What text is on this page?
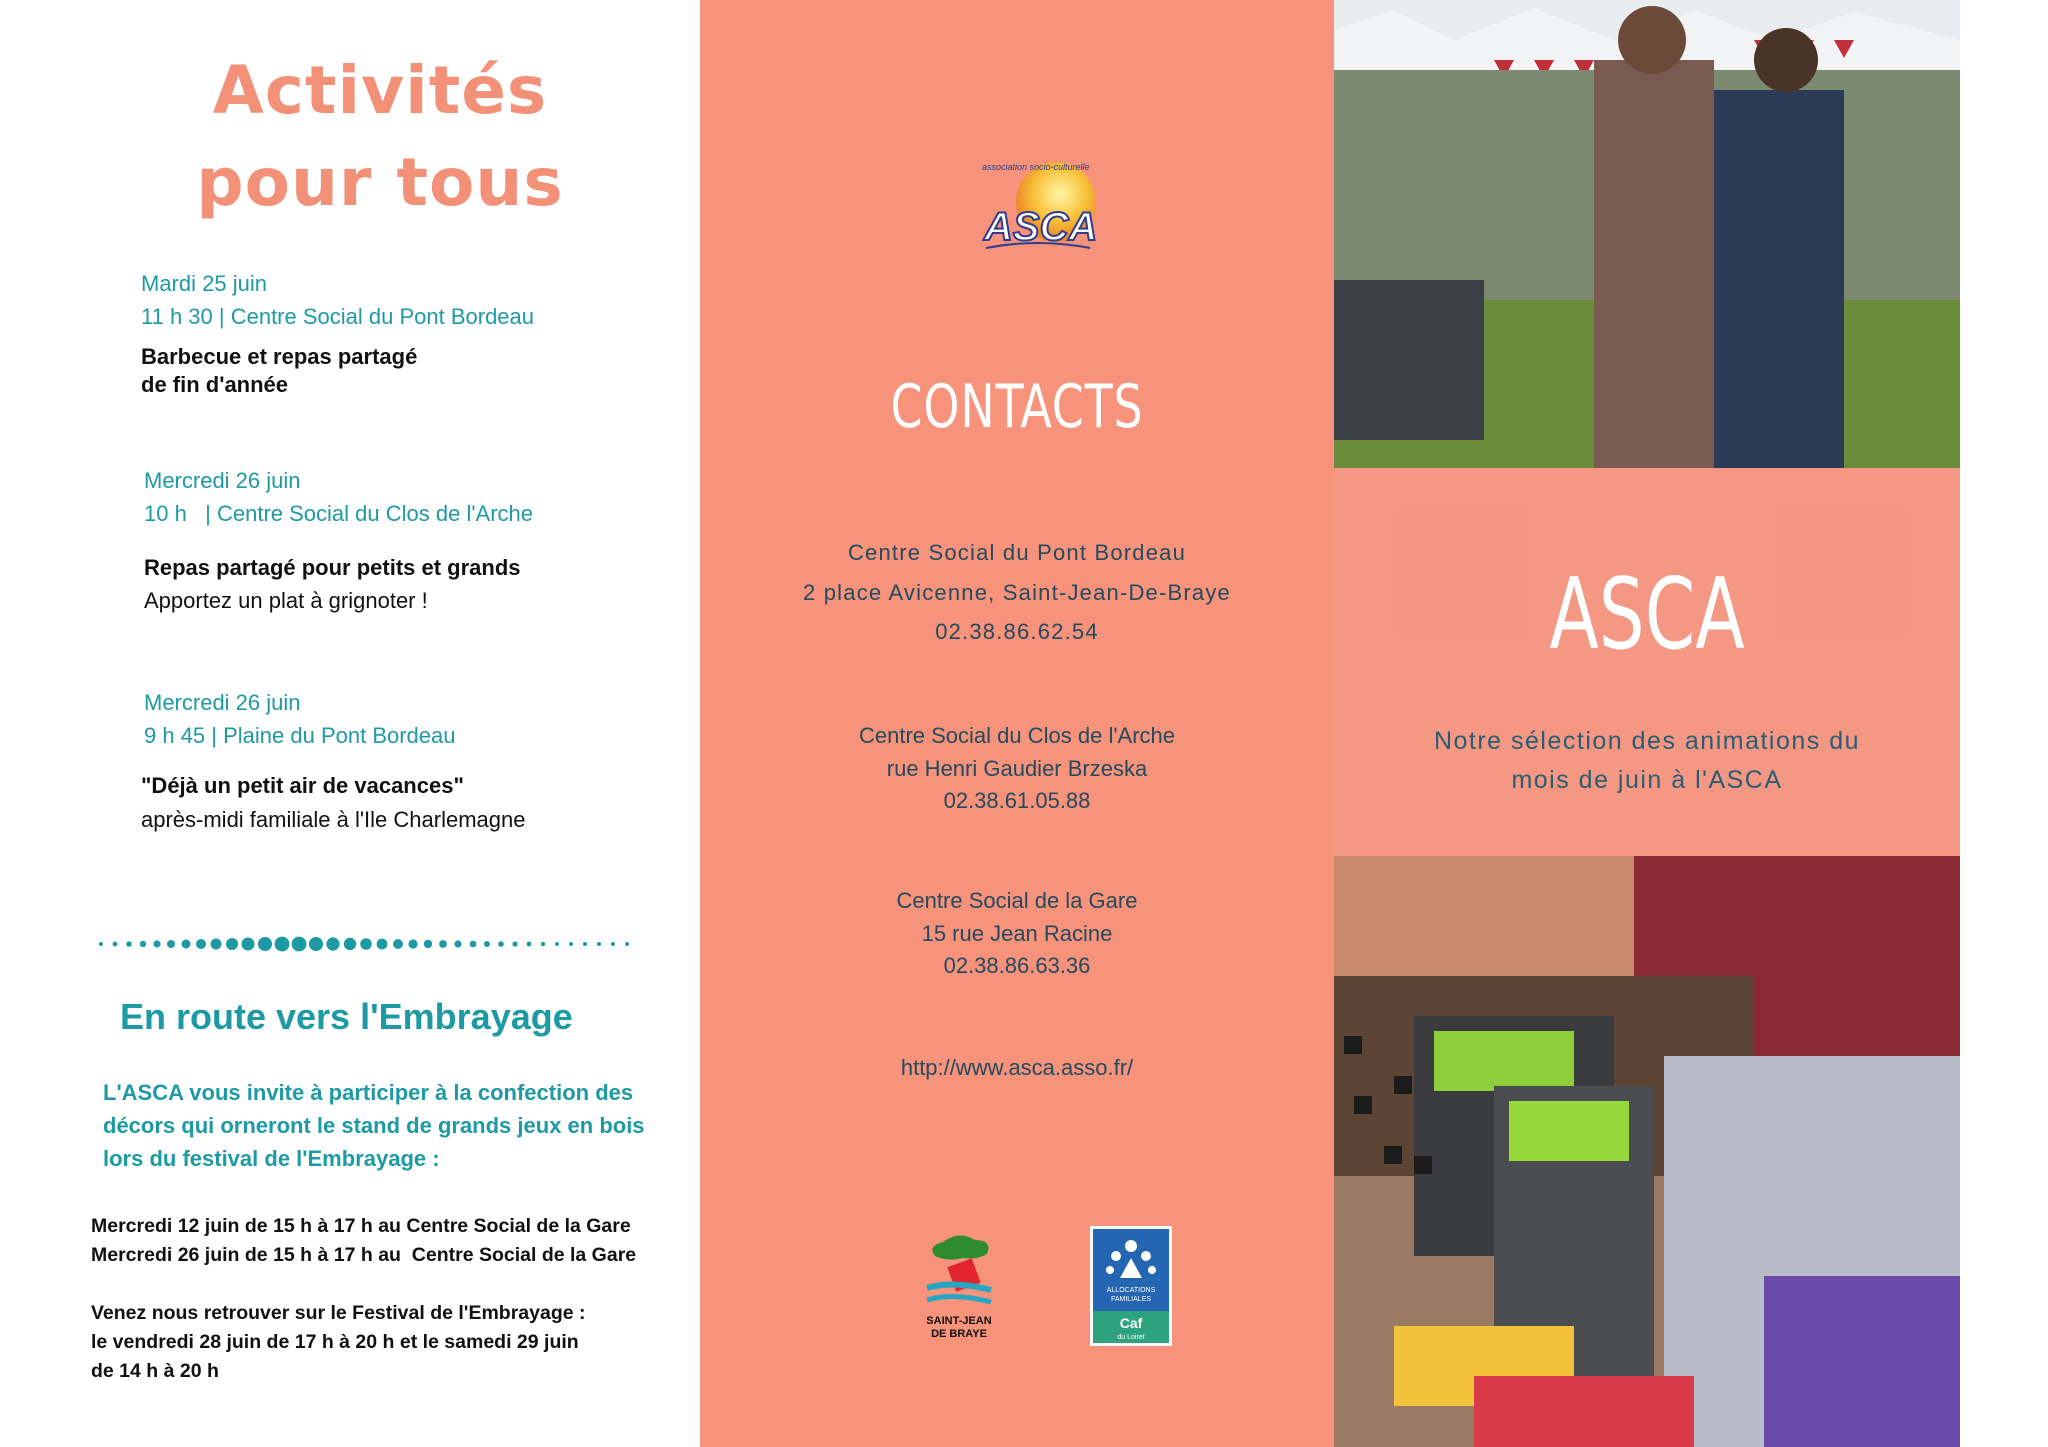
Activités
pour tous
Mardi 25 juin
11 h 30 | Centre Social du Pont Bordeau
Barbecue et repas partagé
de fin d'année
Mercredi 26 juin
10 h   | Centre Social du Clos de l'Arche
Repas partagé pour petits et grands
Apportez un plat à grignoter !
Mercredi 26 juin
9 h 45 | Plaine du Pont Bordeau
"Déjà un petit air de vacances"
après-midi familiale à l'Ile Charlemagne
En route vers l'Embrayage
L'ASCA vous invite à participer à la confection des décors qui orneront le stand de grands jeux en bois lors du festival de l'Embrayage :
Mercredi 12 juin de 15 h à 17 h au Centre Social de la Gare
Mercredi 26 juin de 15 h à 17 h au  Centre Social de la Gare
Venez nous retrouver sur le Festival de l'Embrayage :
le vendredi 28 juin de 17 h à 20 h et le samedi 29 juin
de 14 h à 20 h
association socio-culturelle
ASCA
CONTACTS
Centre Social du Pont Bordeau
2 place Avicenne, Saint-Jean-De-Braye
02.38.86.62.54
Centre Social du Clos de l'Arche
rue Henri Gaudier Brzeska
02.38.61.05.88
Centre Social de la Gare
15 rue Jean Racine
02.38.86.63.36
http://www.asca.asso.fr/
SAINT-JEAN
DE BRAYE
ALLOCATIONS
FAMILIALES
Caf
du Loiret
ASCA
Notre sélection des animations du mois de juin à l'ASCA
